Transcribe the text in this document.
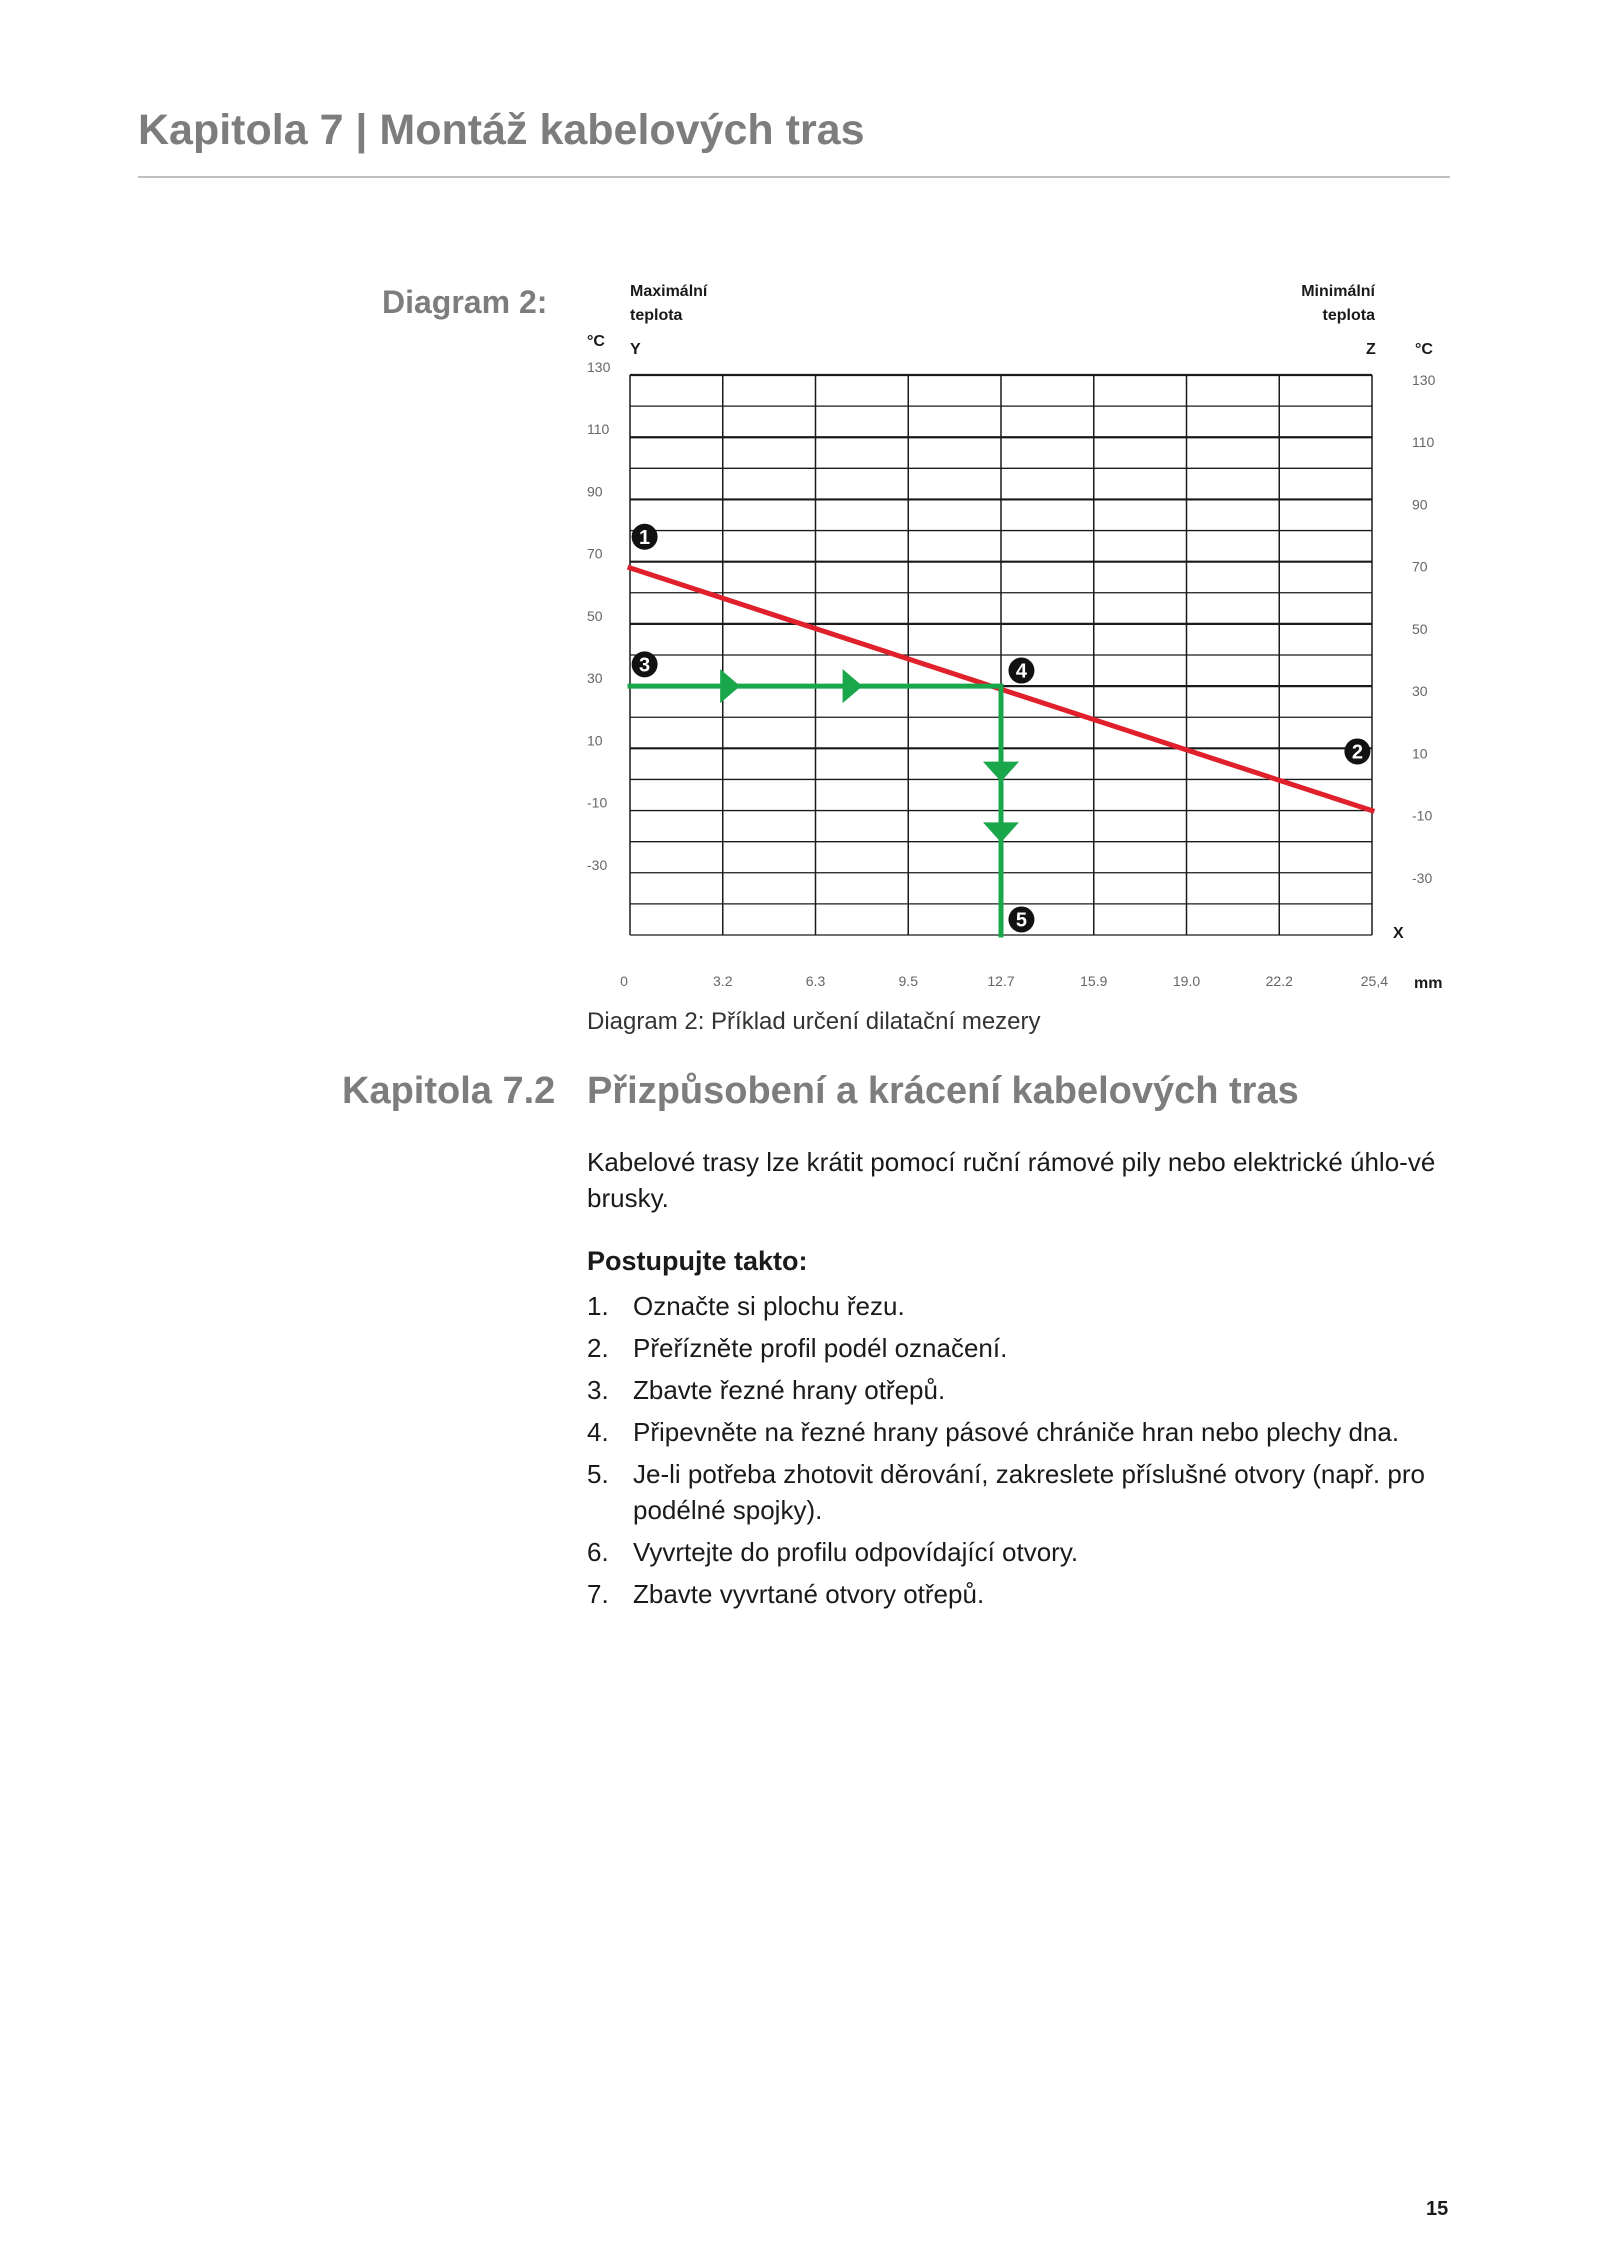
Kapitola 7 | Montáž kabelových tras
Diagram 2:	Maximální
teplota
Minimální
teplota
°C Y	Z °C
X
mm
130
130
110
110
90
90
70
70
50
50
30
30
10
10
-10
-10
-30
-30
0	3.2	6.3	9.5	12.7	15.9	19.0	22.2	25,4
1
2
3	4
5
Diagram 2: Příklad určení dilatační mezery
Kapitola 7.2 Přizpůsobení a krácení kabelových tras

Kabelové trasy lze krátit pomocí ruční rámové pily nebo elektrické úhlo-vé brusky.

Postupujte takto:
1. Označte si plochu řezu.
2. Přeřízněte profil podél označení.
3. Zbavte řezné hrany otřepů.
4. Připevněte na řezné hrany pásové chrániče hran nebo plechy dna.
5. Je-li potřeba zhotovit děrování, zakreslete příslušné otvory (např. pro podélné spojky).
6. Vyvrtejte do profilu odpovídající otvory.
7. Zbavte vyvrtané otvory otřepů.
15
